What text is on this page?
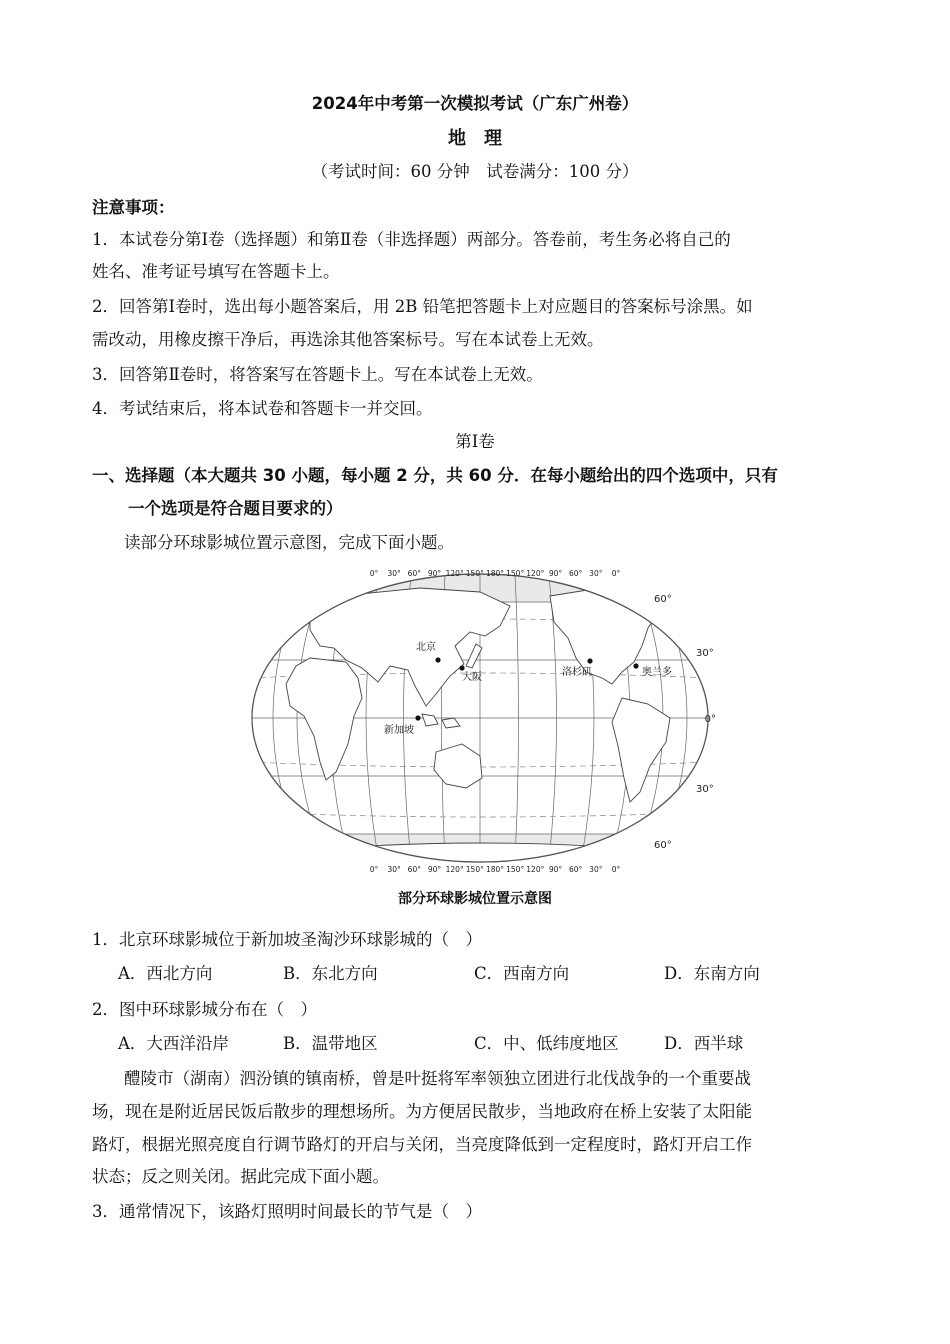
2024年中考第一次模拟考试（广东广州卷）
地　理
（考试时间：60 分钟　试卷满分：100 分）
注意事项：
1．本试卷分第Ⅰ卷（选择题）和第Ⅱ卷（非选择题）两部分。答卷前，考生务必将自己的
姓名、准考证号填写在答题卡上。
2．回答第Ⅰ卷时，选出每小题答案后，用 2B 铅笔把答题卡上对应题目的答案标号涂黑。如
需改动，用橡皮擦干净后，再选涂其他答案标号。写在本试卷上无效。
3．回答第Ⅱ卷时，将答案写在答题卡上。写在本试卷上无效。
4．考试结束后，将本试卷和答题卡一并交回。
第Ⅰ卷
一、选择题（本大题共 30 小题，每小题 2 分，共 60 分．在每小题给出的四个选项中，只有
一个选项是符合题目要求的）
读部分环球影城位置示意图，完成下面小题。
0° 30° 60° 90° 120° 150° 180° 150° 120° 90° 60° 30° 0°
0° 30° 60° 90° 120° 150° 180° 150° 120° 90° 60° 30° 0°
60°
30°
0°
30°
60°
北京
大阪
新加坡
洛杉矶	奥兰多
部分环球影城位置示意图
1．北京环球影城位于新加坡圣淘沙环球影城的（　）
A．西北方向	B．东北方向	C．西南方向	D．东南方向
2．图中环球影城分布在（　）
A．大西洋沿岸	B．温带地区	C．中、低纬度地区	D．西半球
醴陵市（湖南）泗汾镇的镇南桥，曾是叶挺将军率领独立团进行北伐战争的一个重要战
场，现在是附近居民饭后散步的理想场所。为方便居民散步，当地政府在桥上安装了太阳能
路灯，根据光照亮度自行调节路灯的开启与关闭，当亮度降低到一定程度时，路灯开启工作
状态；反之则关闭。据此完成下面小题。
3．通常情况下，该路灯照明时间最长的节气是（　）
